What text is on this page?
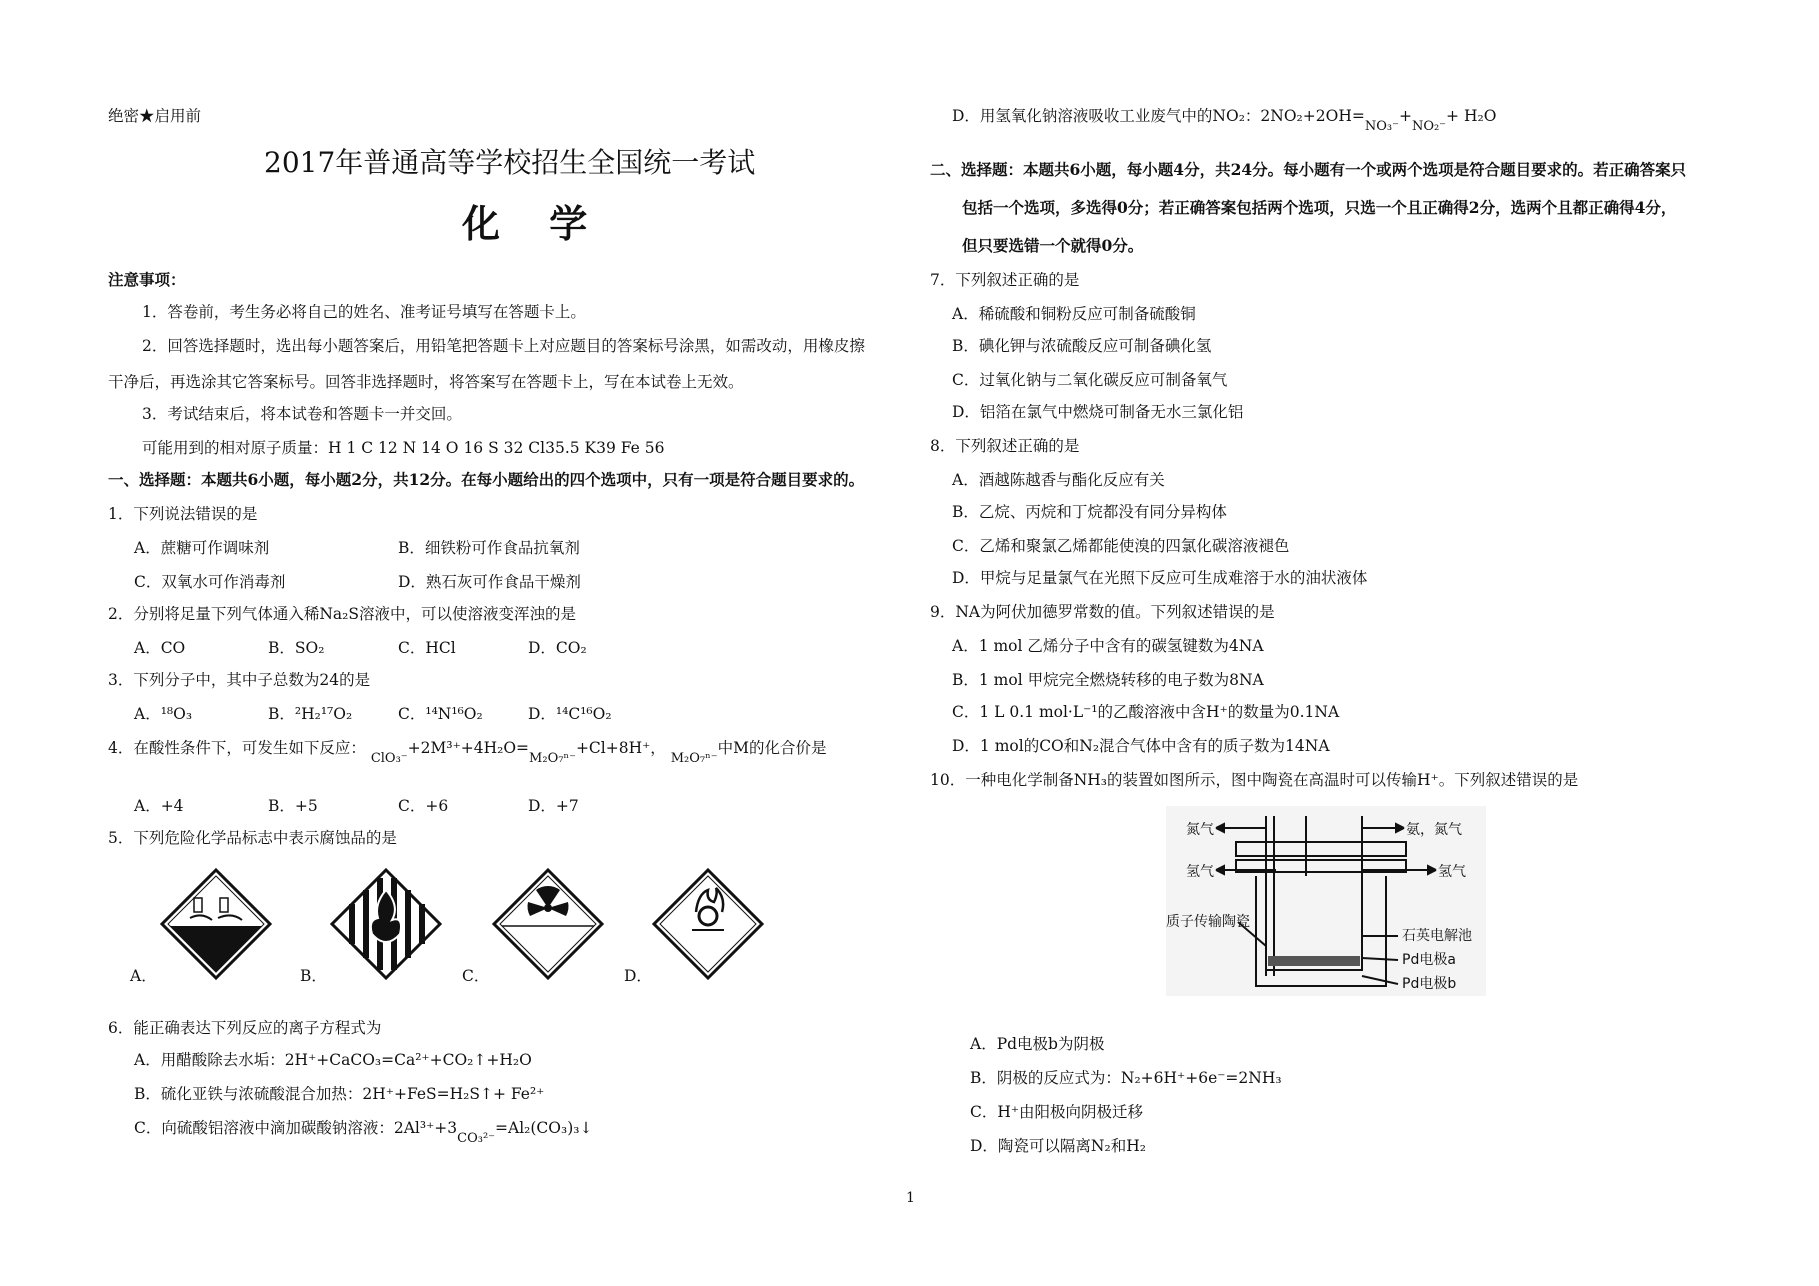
绝密★启用前
2017年普通高等学校招生全国统一考试
化 学
注意事项：
1．答卷前，考生务必将自己的姓名、准考证号填写在答题卡上。
2．回答选择题时，选出每小题答案后，用铅笔把答题卡上对应题目的答案标号涂黑，如需改动，用橡皮擦
干净后，再选涂其它答案标号。回答非选择题时，将答案写在答题卡上，写在本试卷上无效。
3．考试结束后，将本试卷和答题卡一并交回。
可能用到的相对原子质量：H 1 C 12 N 14 O 16 S 32 Cl35.5 K39 Fe 56
一、选择题：本题共6小题，每小题2分，共12分。在每小题给出的四个选项中，只有一项是符合题目要求的。
1．下列说法错误的是
A．蔗糖可作调味剂	B．细铁粉可作食品抗氧剂
C．双氧水可作消毒剂	D．熟石灰可作食品干燥剂
2．分别将足量下列气体通入稀Na₂S溶液中，可以使溶液变浑浊的是
A．CO	B．SO₂	C．HCl	D．CO₂
3．下列分子中，其中子总数为24的是
A．¹⁸O₃	B．²H₂¹⁷O₂	C．¹⁴N¹⁶O₂	D．¹⁴C¹⁶O₂
4．在酸性条件下，可发生如下反应： ClO₃⁻+2M³⁺+4H₂O=M₂O₇ⁿ⁻+Cl+8H⁺， M₂O₇ⁿ⁻中M的化合价是
A．+4	B．+5	C．+6	D．+7
5．下列危险化学品标志中表示腐蚀品的是
A．	B．	C．	D．
6．能正确表达下列反应的离子方程式为
A．用醋酸除去水垢：2H⁺+CaCO₃=Ca²⁺+CO₂↑+H₂O
B．硫化亚铁与浓硫酸混合加热：2H⁺+FeS=H₂S↑+ Fe²⁺
C．向硫酸铝溶液中滴加碳酸钠溶液：2Al³⁺+3CO₃²⁻=Al₂(CO₃)₃↓
D．用氢氧化钠溶液吸收工业废气中的NO₂：2NO₂+2OH=NO₃⁻+NO₂⁻+ H₂O
二、选择题：本题共6小题，每小题4分，共24分。每小题有一个或两个选项是符合题目要求的。若正确答案只
包括一个选项，多选得0分；若正确答案包括两个选项，只选一个且正确得2分，选两个且都正确得4分，
但只要选错一个就得0分。
7．下列叙述正确的是
A．稀硫酸和铜粉反应可制备硫酸铜
B．碘化钾与浓硫酸反应可制备碘化氢
C．过氧化钠与二氧化碳反应可制备氧气
D．铝箔在氯气中燃烧可制备无水三氯化铝
8．下列叙述正确的是
A．酒越陈越香与酯化反应有关
B．乙烷、丙烷和丁烷都没有同分异构体
C．乙烯和聚氯乙烯都能使溴的四氯化碳溶液褪色
D．甲烷与足量氯气在光照下反应可生成难溶于水的油状液体
9．NA为阿伏加德罗常数的值。下列叙述错误的是
A．1 mol 乙烯分子中含有的碳氢键数为4NA
B．1 mol 甲烷完全燃烧转移的电子数为8NA
C．1 L 0.1 mol·L⁻¹的乙酸溶液中含H⁺的数量为0.1NA
D．1 mol的CO和N₂混合气体中含有的质子数为14NA
10．一种电化学制备NH₃的装置如图所示，图中陶瓷在高温时可以传输H⁺。下列叙述错误的是
氮气	氨，氮气
氢气	氢气
质子传输陶瓷
石英电解池
Pd电极a
Pd电极b
A．Pd电极b为阴极
B．阴极的反应式为：N₂+6H⁺+6e⁻=2NH₃
C．H⁺由阳极向阴极迁移
D．陶瓷可以隔离N₂和H₂
1
